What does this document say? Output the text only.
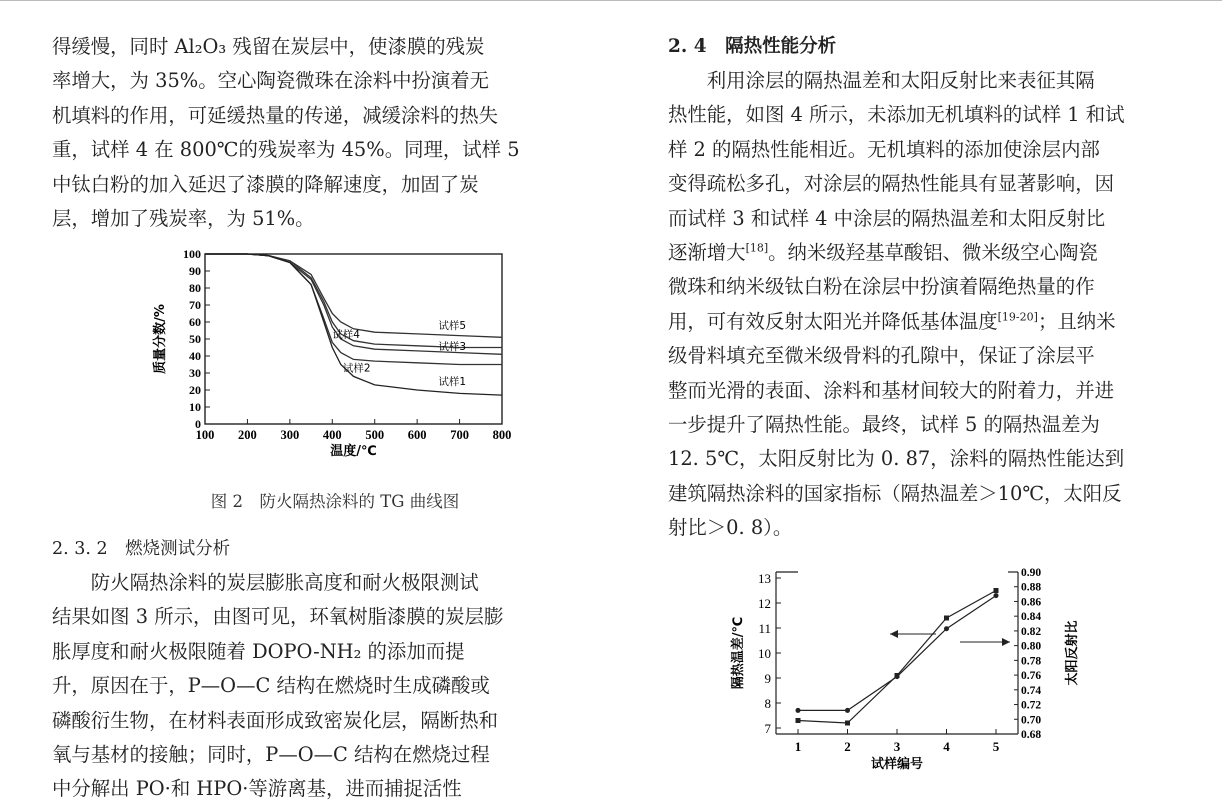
得缓慢，同时 Al₂O₃ 残留在炭层中，使漆膜的残炭

率增大，为 35%。空心陶瓷微珠在涂料中扮演着无

机填料的作用，可延缓热量的传递，减缓涂料的热失

重，试样 4 在 800℃的残炭率为 45%。同理，试样 5

中钛白粉的加入延迟了漆膜的降解速度，加固了炭

层，增加了残炭率，为 51%。

0
10
20
30
40
50
60
70
80
90
100
100 200 300 400 500 600 700 800
温度/℃
质量分数/%	试样5
试样4
试样3
试样2
试样1
图 2　防火隔热涂料的 TG 曲线图

2. 3. 2　燃烧测试分析

防火隔热涂料的炭层膨胀高度和耐火极限测试

结果如图 3 所示，由图可见，环氧树脂漆膜的炭层膨

胀厚度和耐火极限随着 DOPO-NH₂ 的添加而提

升，原因在于，P—O—C 结构在燃烧时生成磷酸或

磷酸衍生物，在材料表面形成致密炭化层，隔断热和

氧与基材的接触；同时，P—O—C 结构在燃烧过程

中分解出 PO·和 HPO·等游离基，进而捕捉活性

2. 4　隔热性能分析

利用涂层的隔热温差和太阳反射比来表征其隔

热性能，如图 4 所示，未添加无机填料的试样 1 和试

样 2 的隔热性能相近。无机填料的添加使涂层内部

变得疏松多孔，对涂层的隔热性能具有显著影响，因

而试样 3 和试样 4 中涂层的隔热温差和太阳反射比

逐渐增大[18]。纳米级羟基草酸铝、微米级空心陶瓷

微珠和纳米级钛白粉在涂层中扮演着隔绝热量的作

用，可有效反射太阳光并降低基体温度[19-20]；且纳米

级骨料填充至微米级骨料的孔隙中，保证了涂层平

整而光滑的表面、涂料和基材间较大的附着力，并进

一步提升了隔热性能。最终，试样 5 的隔热温差为

12. 5℃，太阳反射比为 0. 87，涂料的隔热性能达到

建筑隔热涂料的国家指标（隔热温差＞10℃，太阳反

射比＞0. 8）。

7
8
9
10
11
12
13
0.68
0.70
0.72
0.74
0.76
0.78
0.80
0.82
0.84
0.86
0.88
0.90
1	2	3	4	5
试样编号
隔热温差/℃	太阳反射比
